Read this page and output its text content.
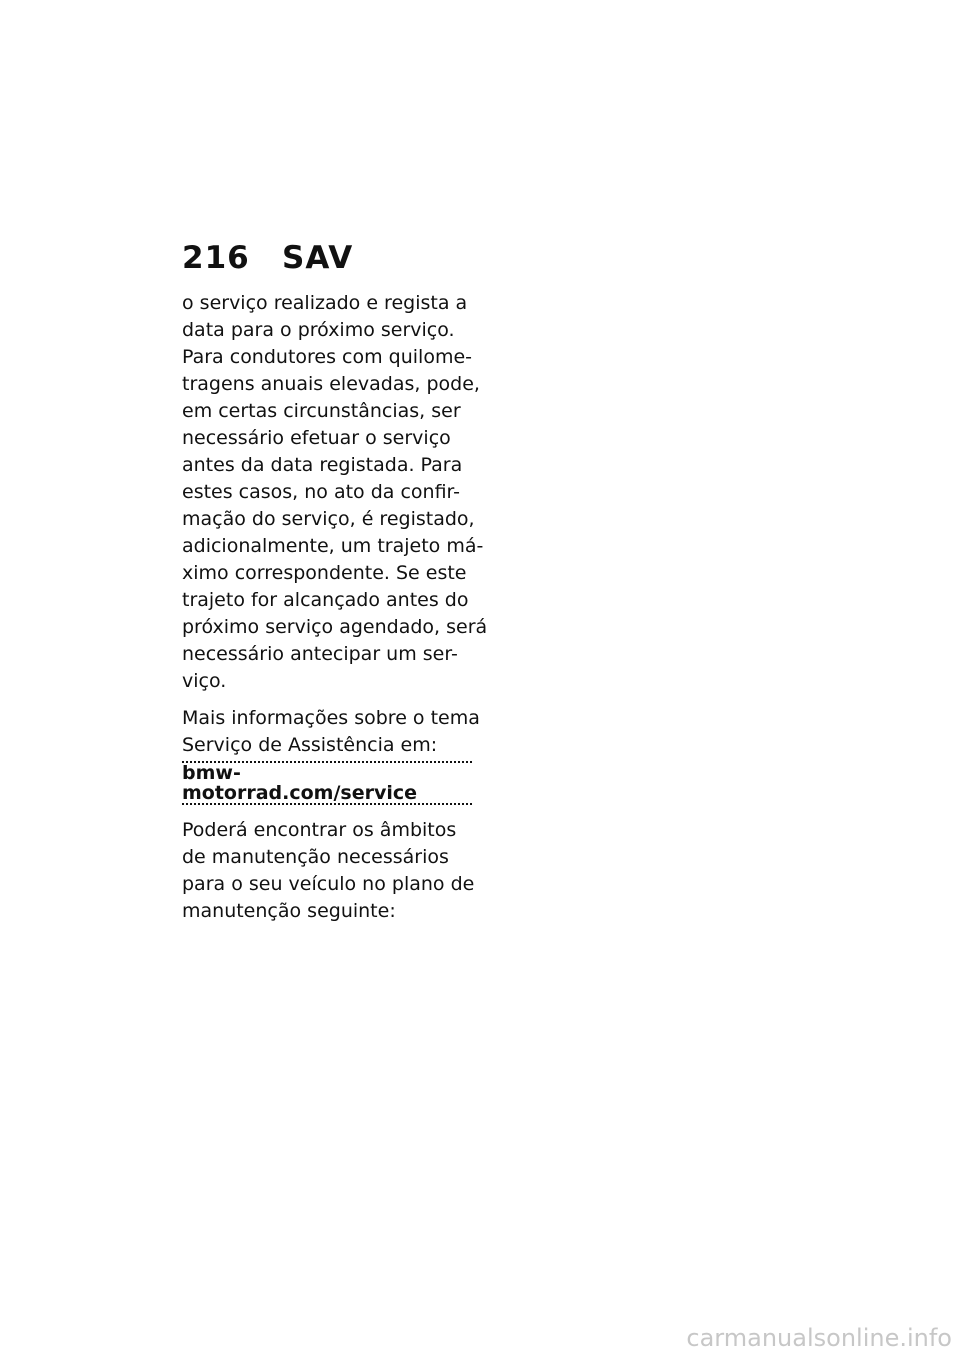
216 SAV

o serviço realizado e regista a
data para o próximo serviço.
Para condutores com quilome-
tragens anuais elevadas, pode,
em certas circunstâncias, ser
necessário efetuar o serviço
antes da data registada. Para
estes casos, no ato da confir-
mação do serviço, é registado,
adicionalmente, um trajeto má-
ximo correspondente. Se este
trajeto for alcançado antes do
próximo serviço agendado, será
necessário antecipar um ser-
viço.

Mais informações sobre o tema
Serviço de Assistência em:
bmw-motorrad.com/service

Poderá encontrar os âmbitos
de manutenção necessários
para o seu veículo no plano de
manutenção seguinte:

carmanualsonline.info
